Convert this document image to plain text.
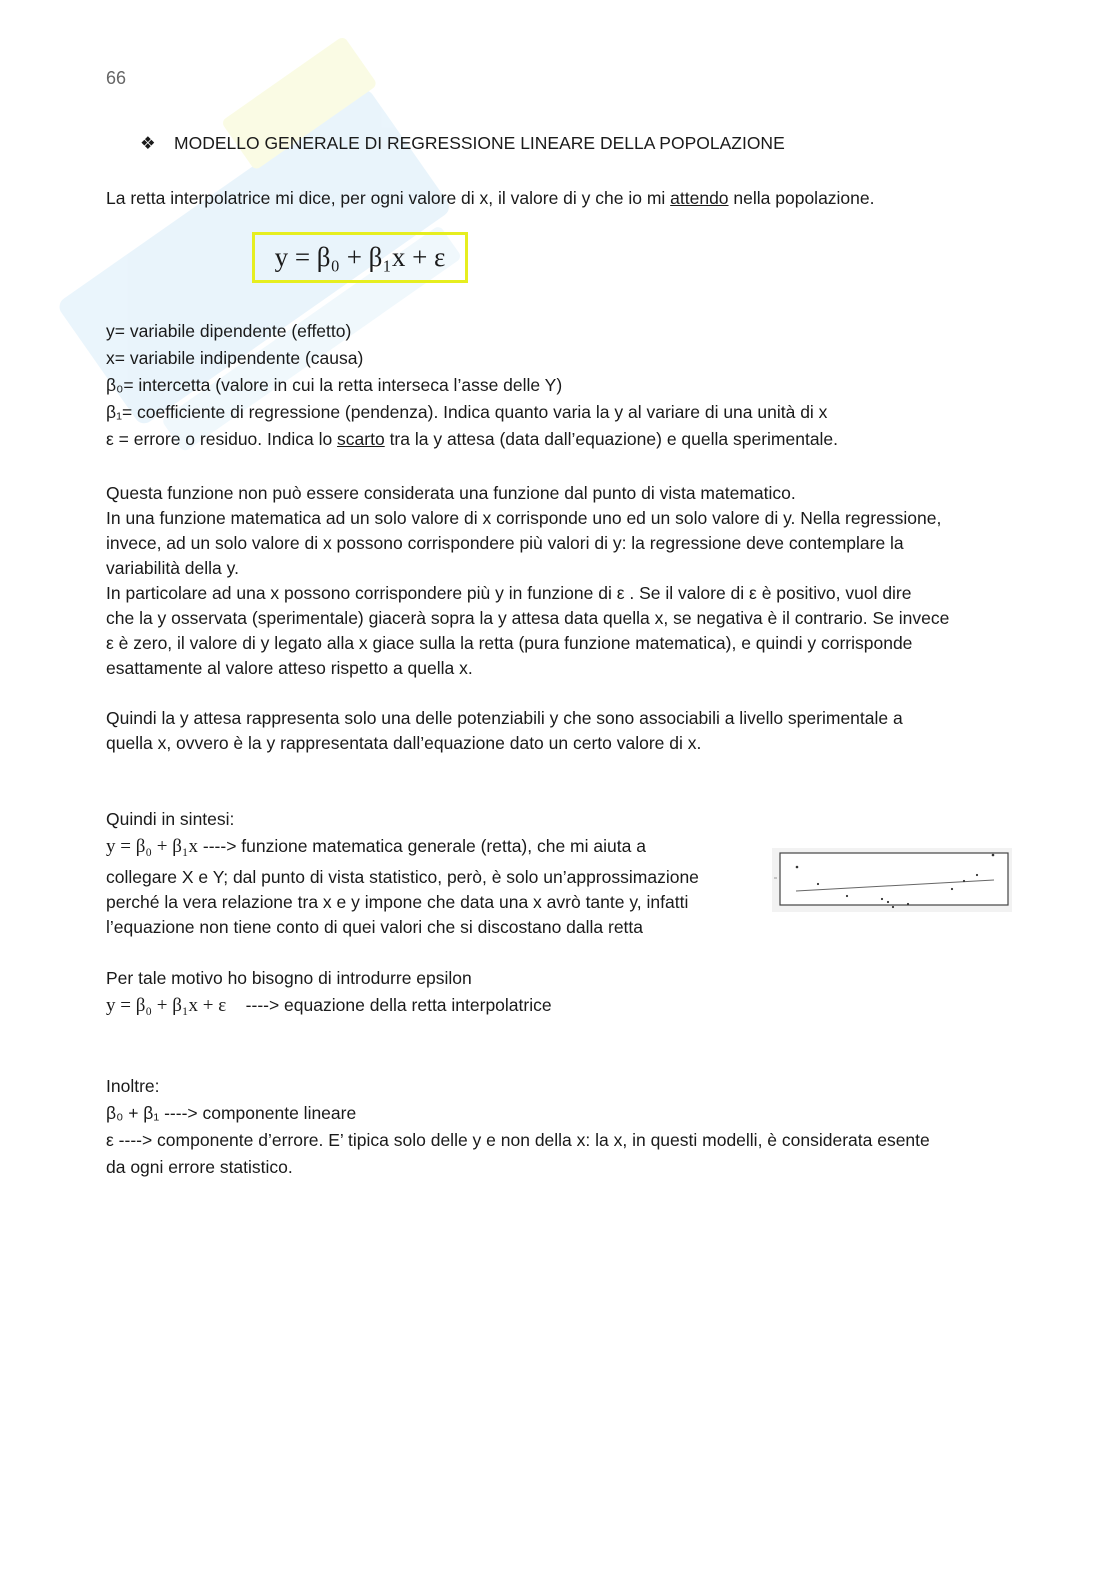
66
❖ MODELLO GENERALE DI REGRESSIONE LINEARE DELLA POPOLAZIONE
La retta interpolatrice mi dice, per ogni valore di x, il valore di y che io mi attendo nella popolazione.
y = β₀ + β₁x + ε
y= variabile dipendente (effetto)
x= variabile indipendente (causa)
β₀= intercetta (valore in cui la retta interseca l’asse delle Y)
β₁= coefficiente di regressione (pendenza). Indica quanto varia la y al variare di una unità di x
ε = errore o residuo. Indica lo scarto tra la y attesa (data dall’equazione) e quella sperimentale.
Questa funzione non può essere considerata una funzione dal punto di vista matematico.
In una funzione matematica ad un solo valore di x corrisponde uno ed un solo valore di y. Nella regressione,
invece, ad un solo valore di x possono corrispondere più valori di y: la regressione deve contemplare la
variabilità della y.
In particolare ad una x possono corrispondere più y in funzione di ε . Se il valore di ε è positivo, vuol dire
che la y osservata (sperimentale) giacerà sopra la y attesa data quella x, se negativa è il contrario. Se invece
ε è zero, il valore di y legato alla x giace sulla la retta (pura funzione matematica), e quindi y corrisponde
esattamente al valore atteso rispetto a quella x.
Quindi la y attesa rappresenta solo una delle potenziabili y che sono associabili a livello sperimentale a
quella x, ovvero è la y rappresentata dall’equazione dato un certo valore di x.
Quindi in sintesi:
y = β₀ + β₁x ----> funzione matematica generale (retta), che mi aiuta a
collegare X e Y; dal punto di vista statistico, però, è solo un’approssimazione
perché la vera relazione tra x e y impone che data una x avrò tante y, infatti
l’equazione non tiene conto di quei valori che si discostano dalla retta
Per tale motivo ho bisogno di introdurre epsilon
y = β₀ + β₁x + ε    ----> equazione della retta interpolatrice
Inoltre:
β₀ + β₁ ----> componente lineare
ε ----> componente d’errore. E’ tipica solo delle y e non della x: la x, in questi modelli, è considerata esente
da ogni errore statistico.
